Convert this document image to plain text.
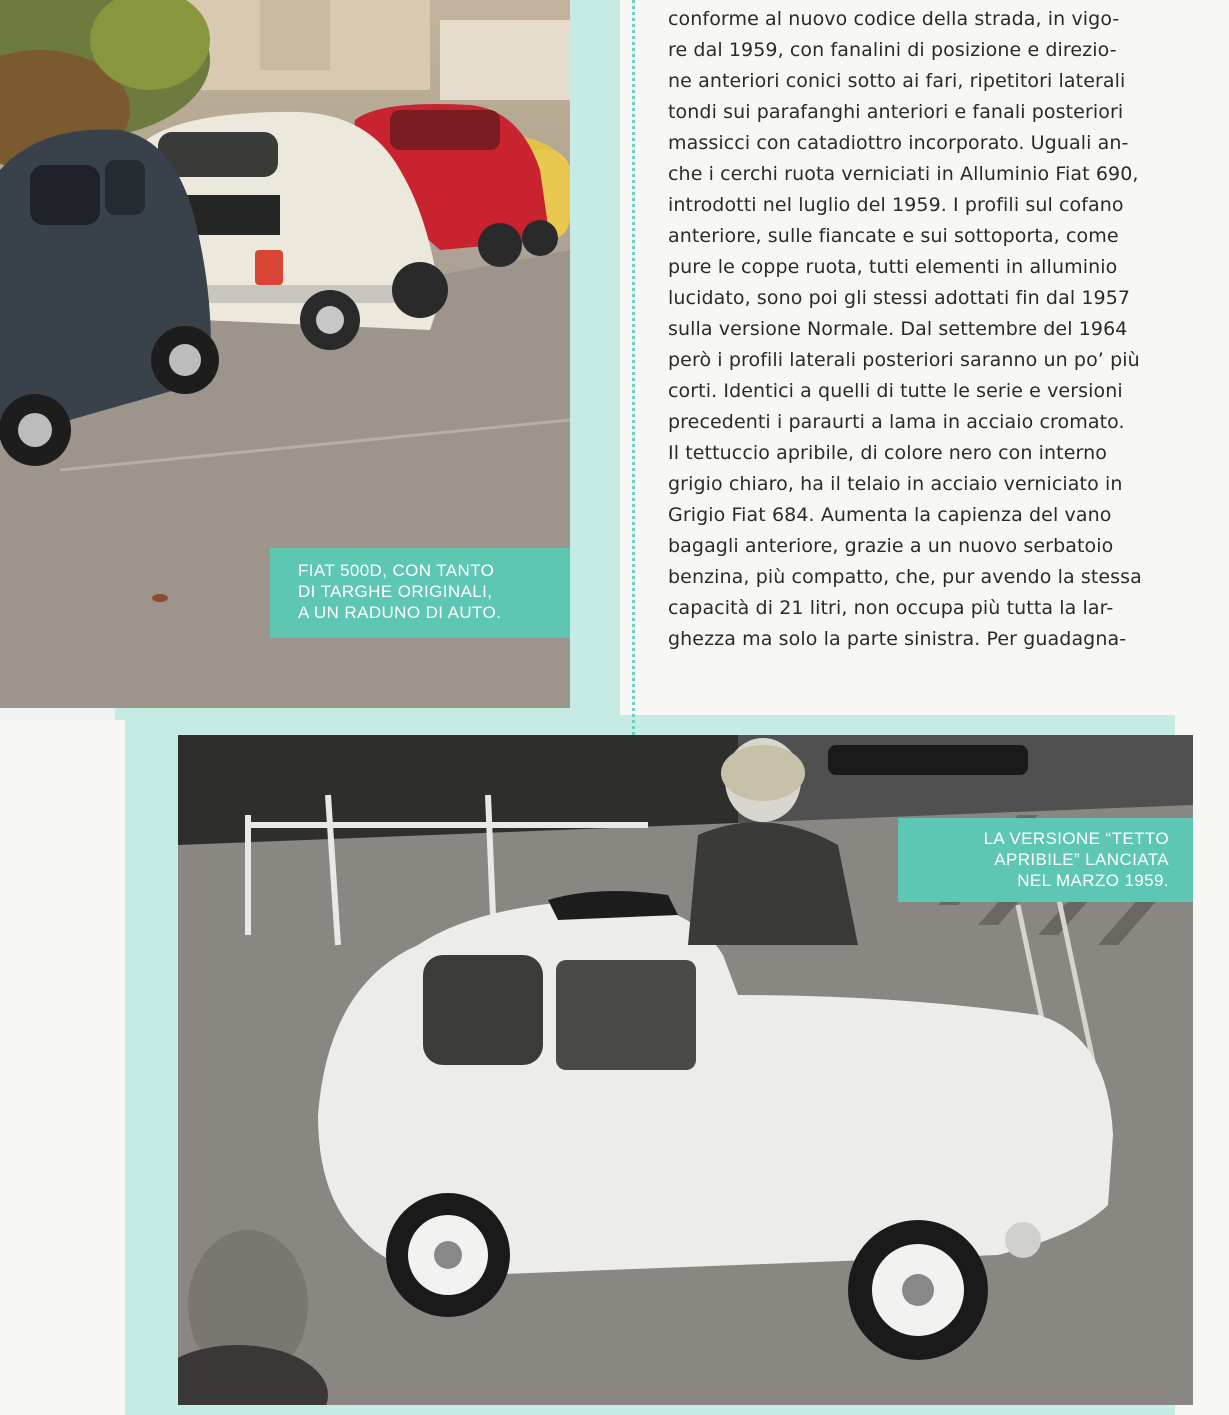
FIAT 500D, CON TANTO
DI TARGHE ORIGINALI,
A UN RADUNO DI AUTO.
LA VERSIONE “TETTO
APRIBILE” LANCIATA
NEL MARZO 1959.
conforme al nuovo codice della strada, in vigo-
re dal 1959, con fanalini di posizione e direzio-
ne anteriori conici sotto ai fari, ripetitori laterali
tondi sui parafanghi anteriori e fanali posteriori
massicci con catadiottro incorporato. Uguali an-
che i cerchi ruota verniciati in Alluminio Fiat 690,
introdotti nel luglio del 1959. I profili sul cofano
anteriore, sulle fiancate e sui sottoporta, come
pure le coppe ruota, tutti elementi in alluminio
lucidato, sono poi gli stessi adottati fin dal 1957
sulla versione Normale. Dal settembre del 1964
però i profili laterali posteriori saranno un po’ più
corti. Identici a quelli di tutte le serie e versioni
precedenti i paraurti a lama in acciaio cromato.
Il tettuccio apribile, di colore nero con interno
grigio chiaro, ha il telaio in acciaio verniciato in
Grigio Fiat 684. Aumenta la capienza del vano
bagagli anteriore, grazie a un nuovo serbatoio
benzina, più compatto, che, pur avendo la stessa
capacità di 21 litri, non occupa più tutta la lar-
ghezza ma solo la parte sinistra. Per guadagna-
